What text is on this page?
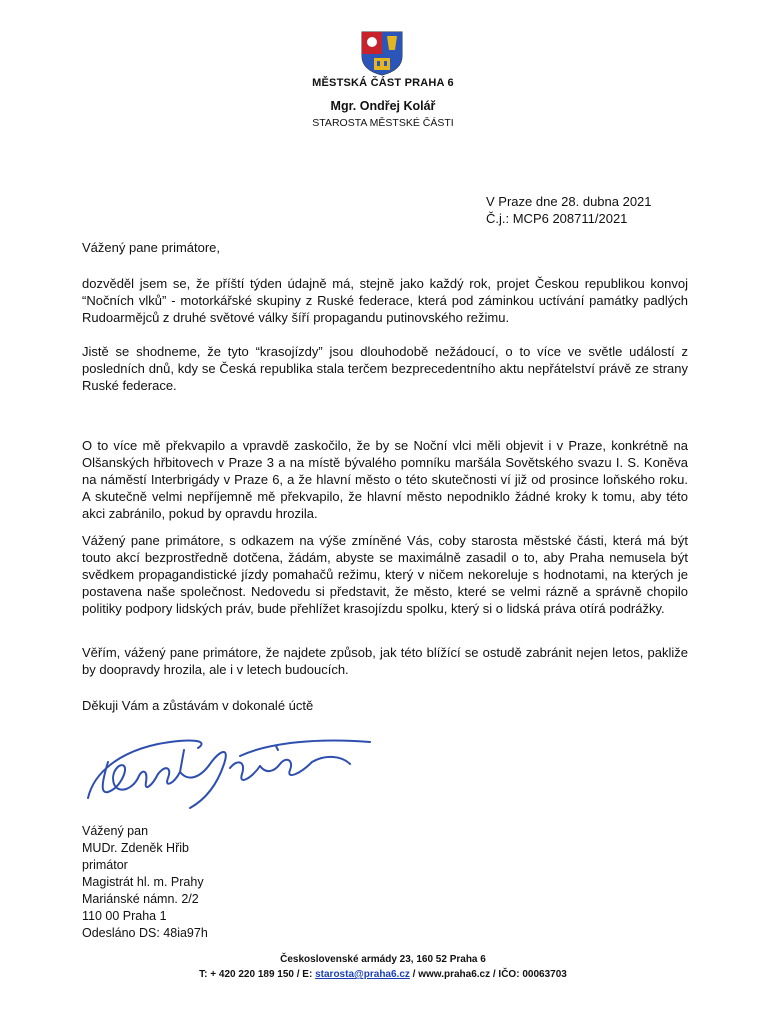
MĚSTSKÁ ČÁST PRAHA 6
Mgr. Ondřej Kolář
STAROSTA MĚSTSKÉ ČÁSTI
V Praze dne 28. dubna 2021
Č.j.: MCP6 208711/2021
Vážený pane primátore,

dozvěděl jsem se, že příští týden údajně má, stejně jako každý rok, projet Českou republikou konvoj “Nočních vlků” - motorkářské skupiny z Ruské federace, která pod záminkou uctívání památky padlých Rudoarmějců z druhé světové války šíří propagandu putinovského režimu.

Jistě se shodneme, že tyto “krasojízdy” jsou dlouhodobě nežádoucí, o to více ve světle událostí z posledních dnů, kdy se Česká republika stala terčem bezprecedentního aktu nepřátelství právě ze strany Ruské federace.

O to více mě překvapilo a vpravdě zaskočilo, že by se Noční vlci měli objevit i v Praze, konkrétně na Olšanských hřbitovech v Praze 3 a na místě bývalého pomníku maršála Sovětského svazu I. S. Koněva na náměstí Interbrigády v Praze 6, a že hlavní město o této skutečnosti ví již od prosince loňského roku. A skutečně velmi nepříjemně mě překvapilo, že hlavní město nepodniklo žádné kroky k tomu, aby této akci zabránilo, pokud by opravdu hrozila.

Vážený pane primátore, s odkazem na výše zmíněné Vás, coby starosta městské části, která má být touto akcí bezprostředně dotčena, žádám, abyste se maximálně zasadil o to, aby Praha nemusela být svědkem propagandistické jízdy pomahačů režimu, který v ničem nekoreluje s hodnotami, na kterých je postavena naše společnost. Nedovedu si představit, že město, které se velmi rázně a správně chopilo politiky podpory lidských práv, bude přehlížet krasojízdu spolku, který si o lidská práva otírá podrážky.

Věřím, vážený pane primátore, že najdete způsob, jak této blížící se ostudě zabránit nejen letos, pakliže by doopravdy hrozila, ale i v letech budoucích.

Děkuji Vám a zůstávám v dokonalé úctě
Vážený pan
MUDr. Zdeněk Hřib
primátor
Magistrát hl. m. Prahy
Mariánské námn. 2/2
110 00 Praha 1
Odesláno DS: 48ia97h
Československé armády 23, 160 52 Praha 6
T: + 420 220 189 150 / E: starosta@praha6.cz / www.praha6.cz / IČO: 00063703
